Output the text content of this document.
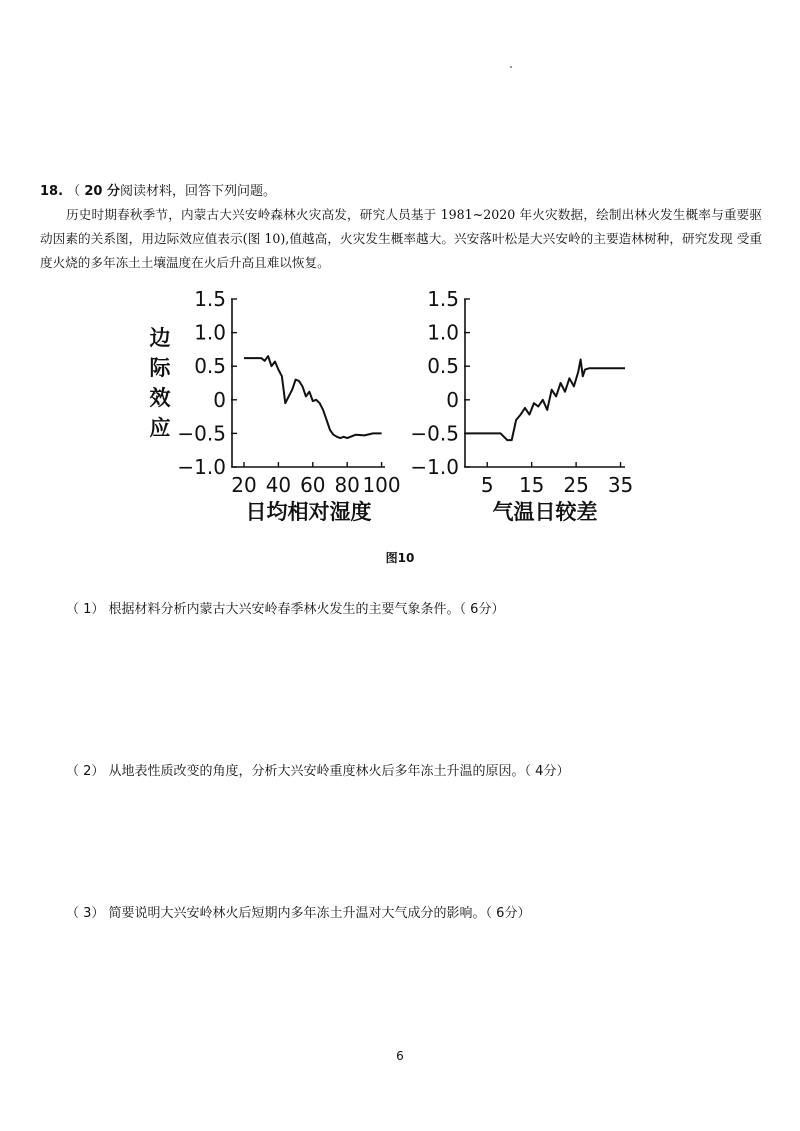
18. （ 20 分阅读材料，回答下列问题。
历史时期春秋季节，内蒙古大兴安岭森林火灾高发，研究人员基于 1981~2020 年火灾数据，绘制出林火发生概率与重要驱动因素的关系图，用边际效应值表示(图 10),值越高，火灾发生概率越大。兴安落叶松是大兴安岭的主要造林树种，研究发现 受重度火烧的多年冻土土壤温度在火后升高且难以恢复。
边
际
效
应
1.5
1.0
0.5
0
−0.5
−1.0
20 40 60 80 100
日均相对湿度
1.5
1.0
0.5
0
−0.5
−1.0
5 15 25 35
气温日较差
图10
（ 1） 根据材料分析内蒙古大兴安岭春季林火发生的主要气象条件。（ 6分）
（ 2） 从地表性质改变的角度，分析大兴安岭重度林火后多年冻土升温的原因。（ 4分）
（ 3） 简要说明大兴安岭林火后短期内多年冻土升温对大气成分的影响。（ 6分）
6
